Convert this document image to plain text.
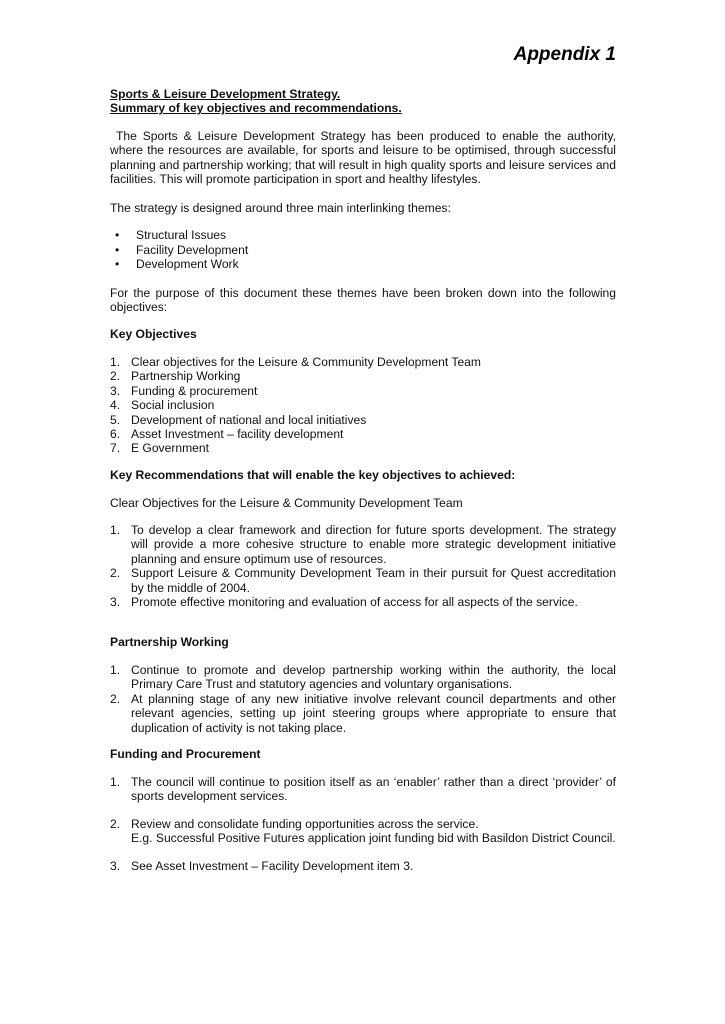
Appendix 1
Sports & Leisure Development Strategy.
Summary of key objectives and recommendations.

The Sports & Leisure Development Strategy has been produced to enable the authority, where the resources are available, for sports and leisure to be optimised, through successful planning and partnership working; that will result in high quality sports and leisure services and facilities. This will promote participation in sport and healthy lifestyles.

The strategy is designed around three main interlinking themes:

• Structural Issues
• Facility Development
• Development Work

For the purpose of this document these themes have been broken down into the following objectives:

Key Objectives
1. Clear objectives for the Leisure & Community Development Team
2. Partnership Working
3. Funding & procurement
4. Social inclusion
5. Development of national and local initiatives
6. Asset Investment – facility development
7. E Government
Key Recommendations that will enable the key objectives to achieved:

Clear Objectives for the Leisure & Community Development Team

1. To develop a clear framework and direction for future sports development. The strategy will provide a more cohesive structure to enable more strategic development initiative planning and ensure optimum use of resources.
2. Support Leisure & Community Development Team in their pursuit for Quest accreditation by the middle of 2004.
3. Promote effective monitoring and evaluation of access for all aspects of the service.
Partnership Working
1. Continue to promote and develop partnership working within the authority, the local Primary Care Trust and statutory agencies and voluntary organisations.
2. At planning stage of any new initiative involve relevant council departments and other relevant agencies, setting up joint steering groups where appropriate to ensure that duplication of activity is not taking place.
Funding and Procurement
1. The council will continue to position itself as an ‘enabler’ rather than a direct ‘provider’ of sports development services.
2. Review and consolidate funding opportunities across the service.
E.g. Successful Positive Futures application joint funding bid with Basildon District Council.
3. See Asset Investment – Facility Development item 3.
